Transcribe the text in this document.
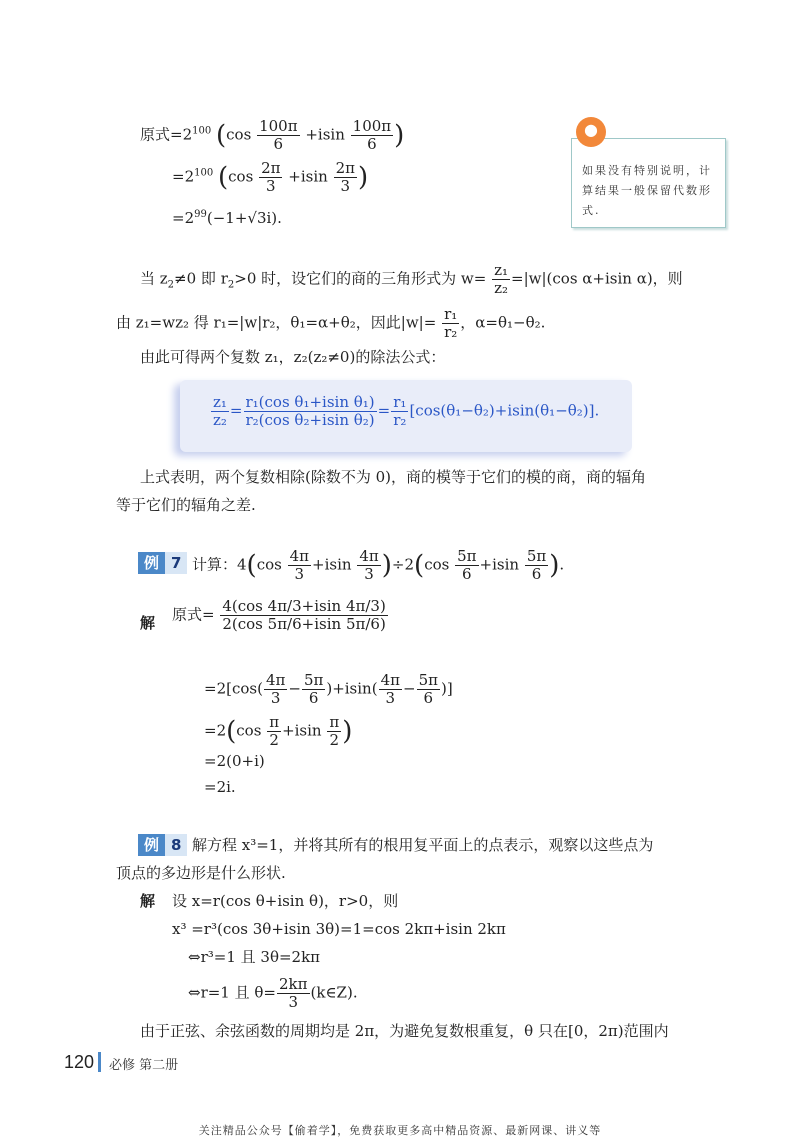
如果没有特别说明，计算结果一般保留代数形式.
●
原式$=2^{100}$ ($\cos \frac{100\pi}{6} +isin \frac{100\pi}{6}$ )
$=2^{100}$ ($\cos \frac{2\pi}{3} +isin \frac{2\pi}{3}$ )
$=2^{99}(-1+√3i)$.
当 $z_2\ne 0$ 即 $r_2>0$ 时，设它们的商的三角形式为 $w= \frac{\text{z₁}}{\text{z₂}} =|w|(\cos$ α+isin α)，则
由 z₁=wz₂ 得 r₁=|w|r₂，θ₁=α+θ₂，因此$|w|= \frac{\text{r₁}}{\text{r₂}}$ ，α=θ₁−θ₂.
由此可得两个复数 z₁，z₂(z₂≠0)的除法公式：
$\frac{\text{z₁}}{\text{z₂}} = \frac{\text{r₁(cos θ₁+isin θ₁)}}{\text{r₂(cos θ₂+isin θ₂)}} = \frac{\text{r₁}}{\text{r₂}} [\cos(\theta_1-\theta_2)+isin(\theta_1-\theta_2)]$.
上式表明，两个复数相除(除数不为 0)，商的模等于它们的模的商，商的辐角
等于它们的辐角之差.
例 7 计算：$4(\cos \frac{4\pi}{3} +isin \frac{4\pi}{3} )\div 2(\cos \frac{5\pi}{6} +isin \frac{5\pi}{6}$ ).
解 原式= $\frac{4(\cos 4\pi/3+isin 4\pi/3)}{2(\cos 5\pi/6+isin 5\pi/6)}$
$=2[\cos( \frac{4\pi}{3} - \frac{5\pi}{6} )+isin( \frac{4\pi}{3} - \frac{5\pi}{6}$ )]
$=2(\cos \frac{\pi}{2} +isin \frac{\pi}{2}$ )
=2(0+i)
=2i.
例 8 解方程 x³=1，并将其所有的根用复平面上的点表示，观察以这些点为
顶点的多边形是什么形状.
解 设 x=r(cos θ+isin θ)，r>0，则
x³ =r³(cos 3θ+isin 3θ)=1=cos 2kπ+isin 2kπ
⇔r³=1 且 3θ=2kπ
⇔r=1 且 $\theta= \frac{2k\pi}{3}$ (k∈Z).
由于正弦、余弦函数的周期均是 2π，为避免复数根重复，θ 只在[0，2π)范围内
120 必修 第二册
关注精品公众号【偷着学】，免费获取更多高中精品资源、最新网课、讲义等
